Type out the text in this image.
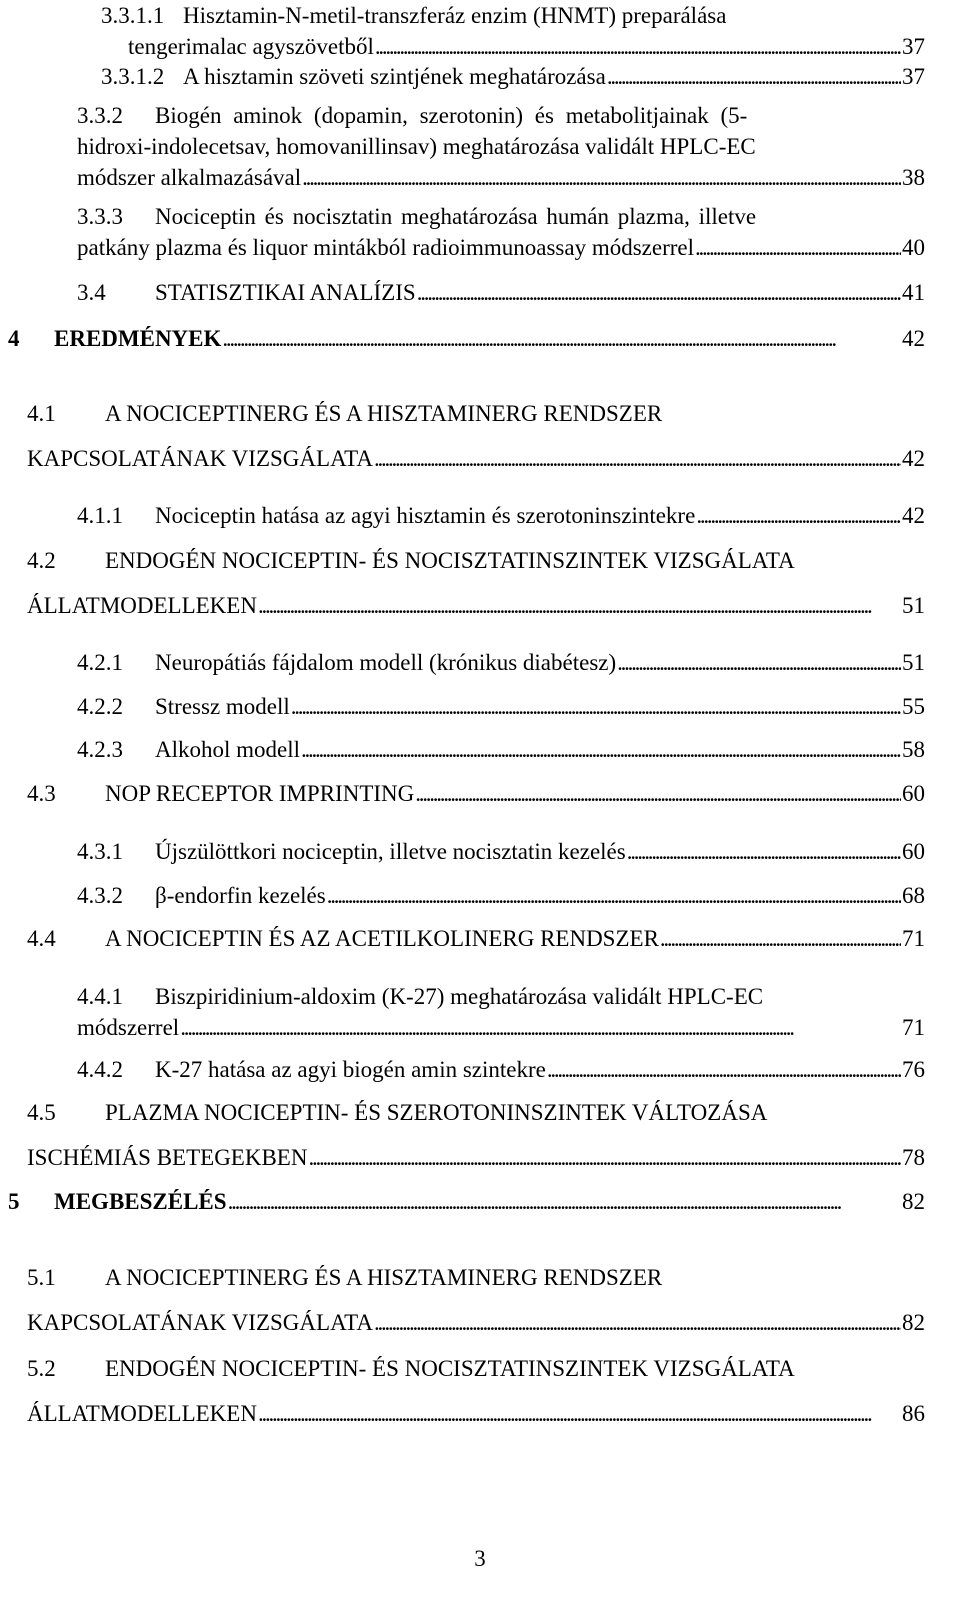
3.3.1.1 Hisztamin-N-metil-transzferáz enzim (HNMT) preparálása
tengerimalac agyszövetből . . .	37
3.3.1.2 A hisztamin szöveti szintjének meghatározása . . .	37
3.3.2 Biogén aminok (dopamin, szerotonin) és metabolitjainak (5-
hidroxi-indolecetsav, homovanillinsav) meghatározása validált HPLC-EC
módszer alkalmazásával . . .	38
3.3.3 Nociceptin és nocisztatin meghatározása humán plazma, illetve
patkány plazma és liquor mintákból radioimmunoassay módszerrel . . .	40
3.4 STATISZTIKAI ANALÍZIS . . .	41
4 EREDMÉNYEK . . .	42
4.1 A NOCICEPTINERG ÉS A HISZTAMINERG RENDSZER
KAPCSOLATÁNAK VIZSGÁLATA . . .	42
4.1.1 Nociceptin hatása az agyi hisztamin és szerotoninszintekre . . .	42
4.2 ENDOGÉN NOCICEPTIN- ÉS NOCISZTATINSZINTEK VIZSGÁLATA
ÁLLATMODELLEKEN . . .	51
4.2.1 Neuropátiás fájdalom modell (krónikus diabétesz) . . .	51
4.2.2 Stressz modell . . .	55
4.2.3 Alkohol modell . . .	58
4.3 NOP RECEPTOR IMPRINTING . . .	60
4.3.1 Újszülöttkori nociceptin, illetve nocisztatin kezelés . . .	60
4.3.2 β-endorfin kezelés . . .	68
4.4 A NOCICEPTIN ÉS AZ ACETILKOLINERG RENDSZER . . .	71
4.4.1 Biszpiridinium-aldoxim (K-27) meghatározása validált HPLC-EC
módszerrel . . .	71
4.4.2 K-27 hatása az agyi biogén amin szintekre . . .	76
4.5 PLAZMA NOCICEPTIN- ÉS SZEROTONINSZINTEK VÁLTOZÁSA
ISCHÉMIÁS BETEGEKBEN . . .	78
5 MEGBESZÉLÉS . . .	82
5.1 A NOCICEPTINERG ÉS A HISZTAMINERG RENDSZER
KAPCSOLATÁNAK VIZSGÁLATA . . .	82
5.2 ENDOGÉN NOCICEPTIN- ÉS NOCISZTATINSZINTEK VIZSGÁLATA
ÁLLATMODELLEKEN . . .	86
3
